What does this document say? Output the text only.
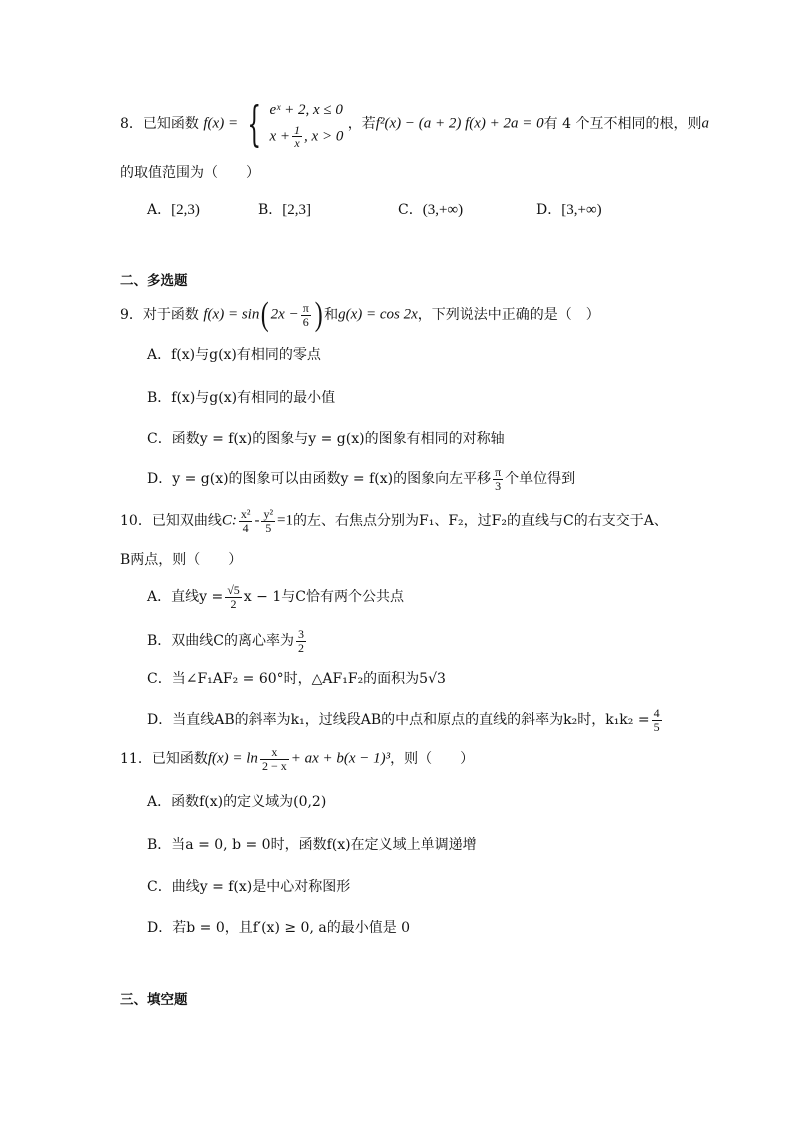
8．已知函数 f(x) = { eˣ + 2, x ≤ 0
$x + \frac{1}{x}$ , x > 0
，若f²(x) − (a + 2) f(x) + 2a = 0有 4 个互不相同的根，则a
的取值范围为（　　）
A．[2,3)	B．[2,3]	C．(3,+∞)	D．[3,+∞)
二、多选题
9．对于函数 f(x) = sin( $2x - \frac{\pi}{6}$ ) 和g(x) = cos 2x，下列说法中正确的是（　）
A．f(x)与g(x)有相同的零点
B．f(x)与g(x)有相同的最小值
C．函数y = f(x)的图象与y = g(x)的图象有相同的对称轴
D．y = g(x)的图象可以由函数y = f(x)的图象向左平移 $\frac{\pi}{3}$ 个单位得到
10．已知双曲线C: $\frac{\text{x²}}{4} - \frac{\text{y²}}{5} =1$的左、右焦点分别为F₁、F₂，过F₂的直线与C的右支交于A、
B两点，则（　　）
A．直线$y = \frac{√5}{2}$ x − 1与C恰有两个公共点
B．双曲线C的离心率为 $\frac{3}{2}$
C．当∠F₁AF₂ = 60°时，△AF₁F₂的面积为5√3
D．当直线AB的斜率为k₁，过线段AB的中点和原点的直线的斜率为k₂时，$k_1k_2 = \frac{4}{5}$
11．已知函数$f(x) = \ln \frac{x}{2 - x}$ + ax + b(x − 1)³，则（　　）
A．函数f(x)的定义域为(0,2)
B．当a = 0, b = 0时，函数f(x)在定义域上单调递增
C．曲线y = f(x)是中心对称图形
D．若b = 0，且f′(x) ≥ 0, a的最小值是 0
三、填空题
